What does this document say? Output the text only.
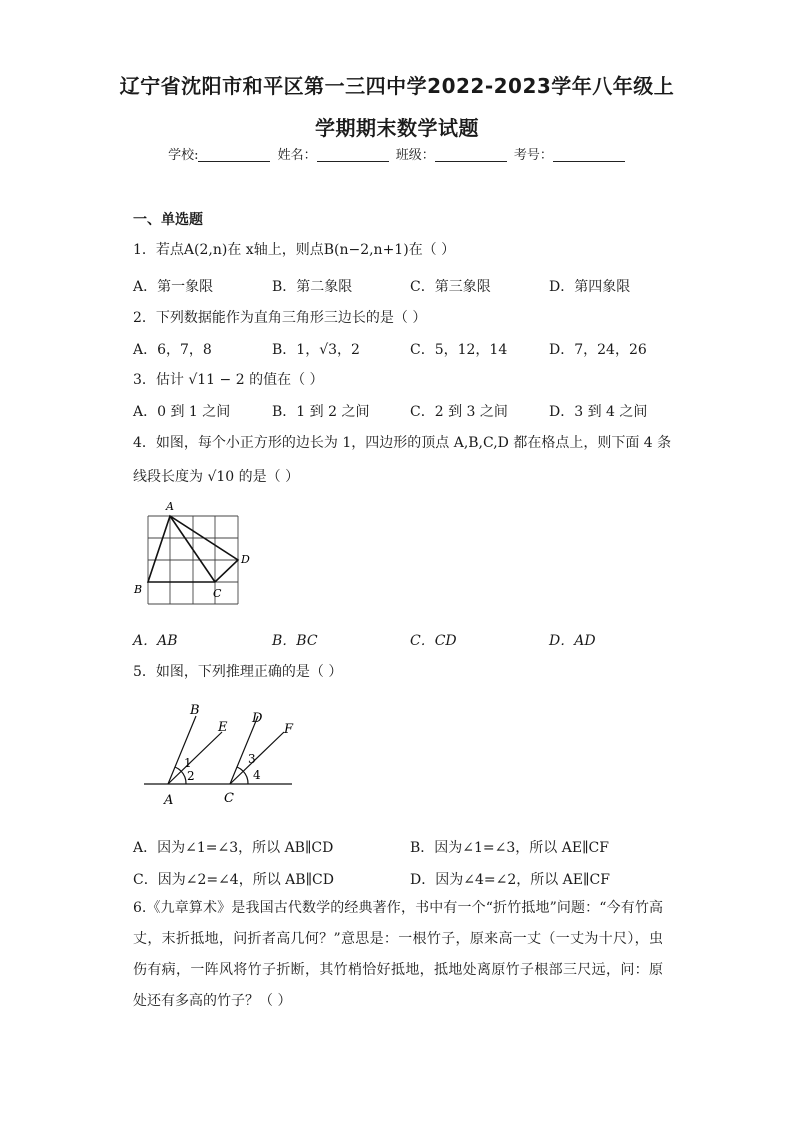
辽宁省沈阳市和平区第一三四中学2022-2023学年八年级上
学期期末数学试题
学校:	姓名：	班级：	考号：
一、单选题
1．若点A(2,n)在 x轴上，则点B(n−2,n+1)在（ ）
A．第一象限	B．第二象限	C．第三象限	D．第四象限
2．下列数据能作为直角三角形三边长的是（ ）
A．6，7，8	B．1，√3，2	C．5，12，14	D．7，24，26
3．估计 √11 − 2 的值在（ ）
A．0 到 1 之间	B．1 到 2 之间	C．2 到 3 之间	D．3 到 4 之间
4．如图，每个小正方形的边长为 1，四边形的顶点 A,B,C,D 都在格点上，则下面 4 条
线段长度为 √10 的是（ ）
A
B	C
D
A．AB	B．BC	C．CD	D．AD
5．如图，下列推理正确的是（ ）
B
E
D
F
A	C
1
2
3
4
A．因为∠1=∠3，所以 AB∥CD	B．因为∠1=∠3，所以 AE∥CF
C．因为∠2=∠4，所以 AB∥CD	D．因为∠4=∠2，所以 AE∥CF
6.《九章算术》是我国古代数学的经典著作，书中有一个“折竹抵地”问题：“今有竹高丈，末折抵地，问折者高几何？”意思是：一根竹子，原来高一丈（一丈为十尺），虫伤有病，一阵风将竹子折断，其竹梢恰好抵地，抵地处离原竹子根部三尺远，问：原处还有多高的竹子？（ ）
